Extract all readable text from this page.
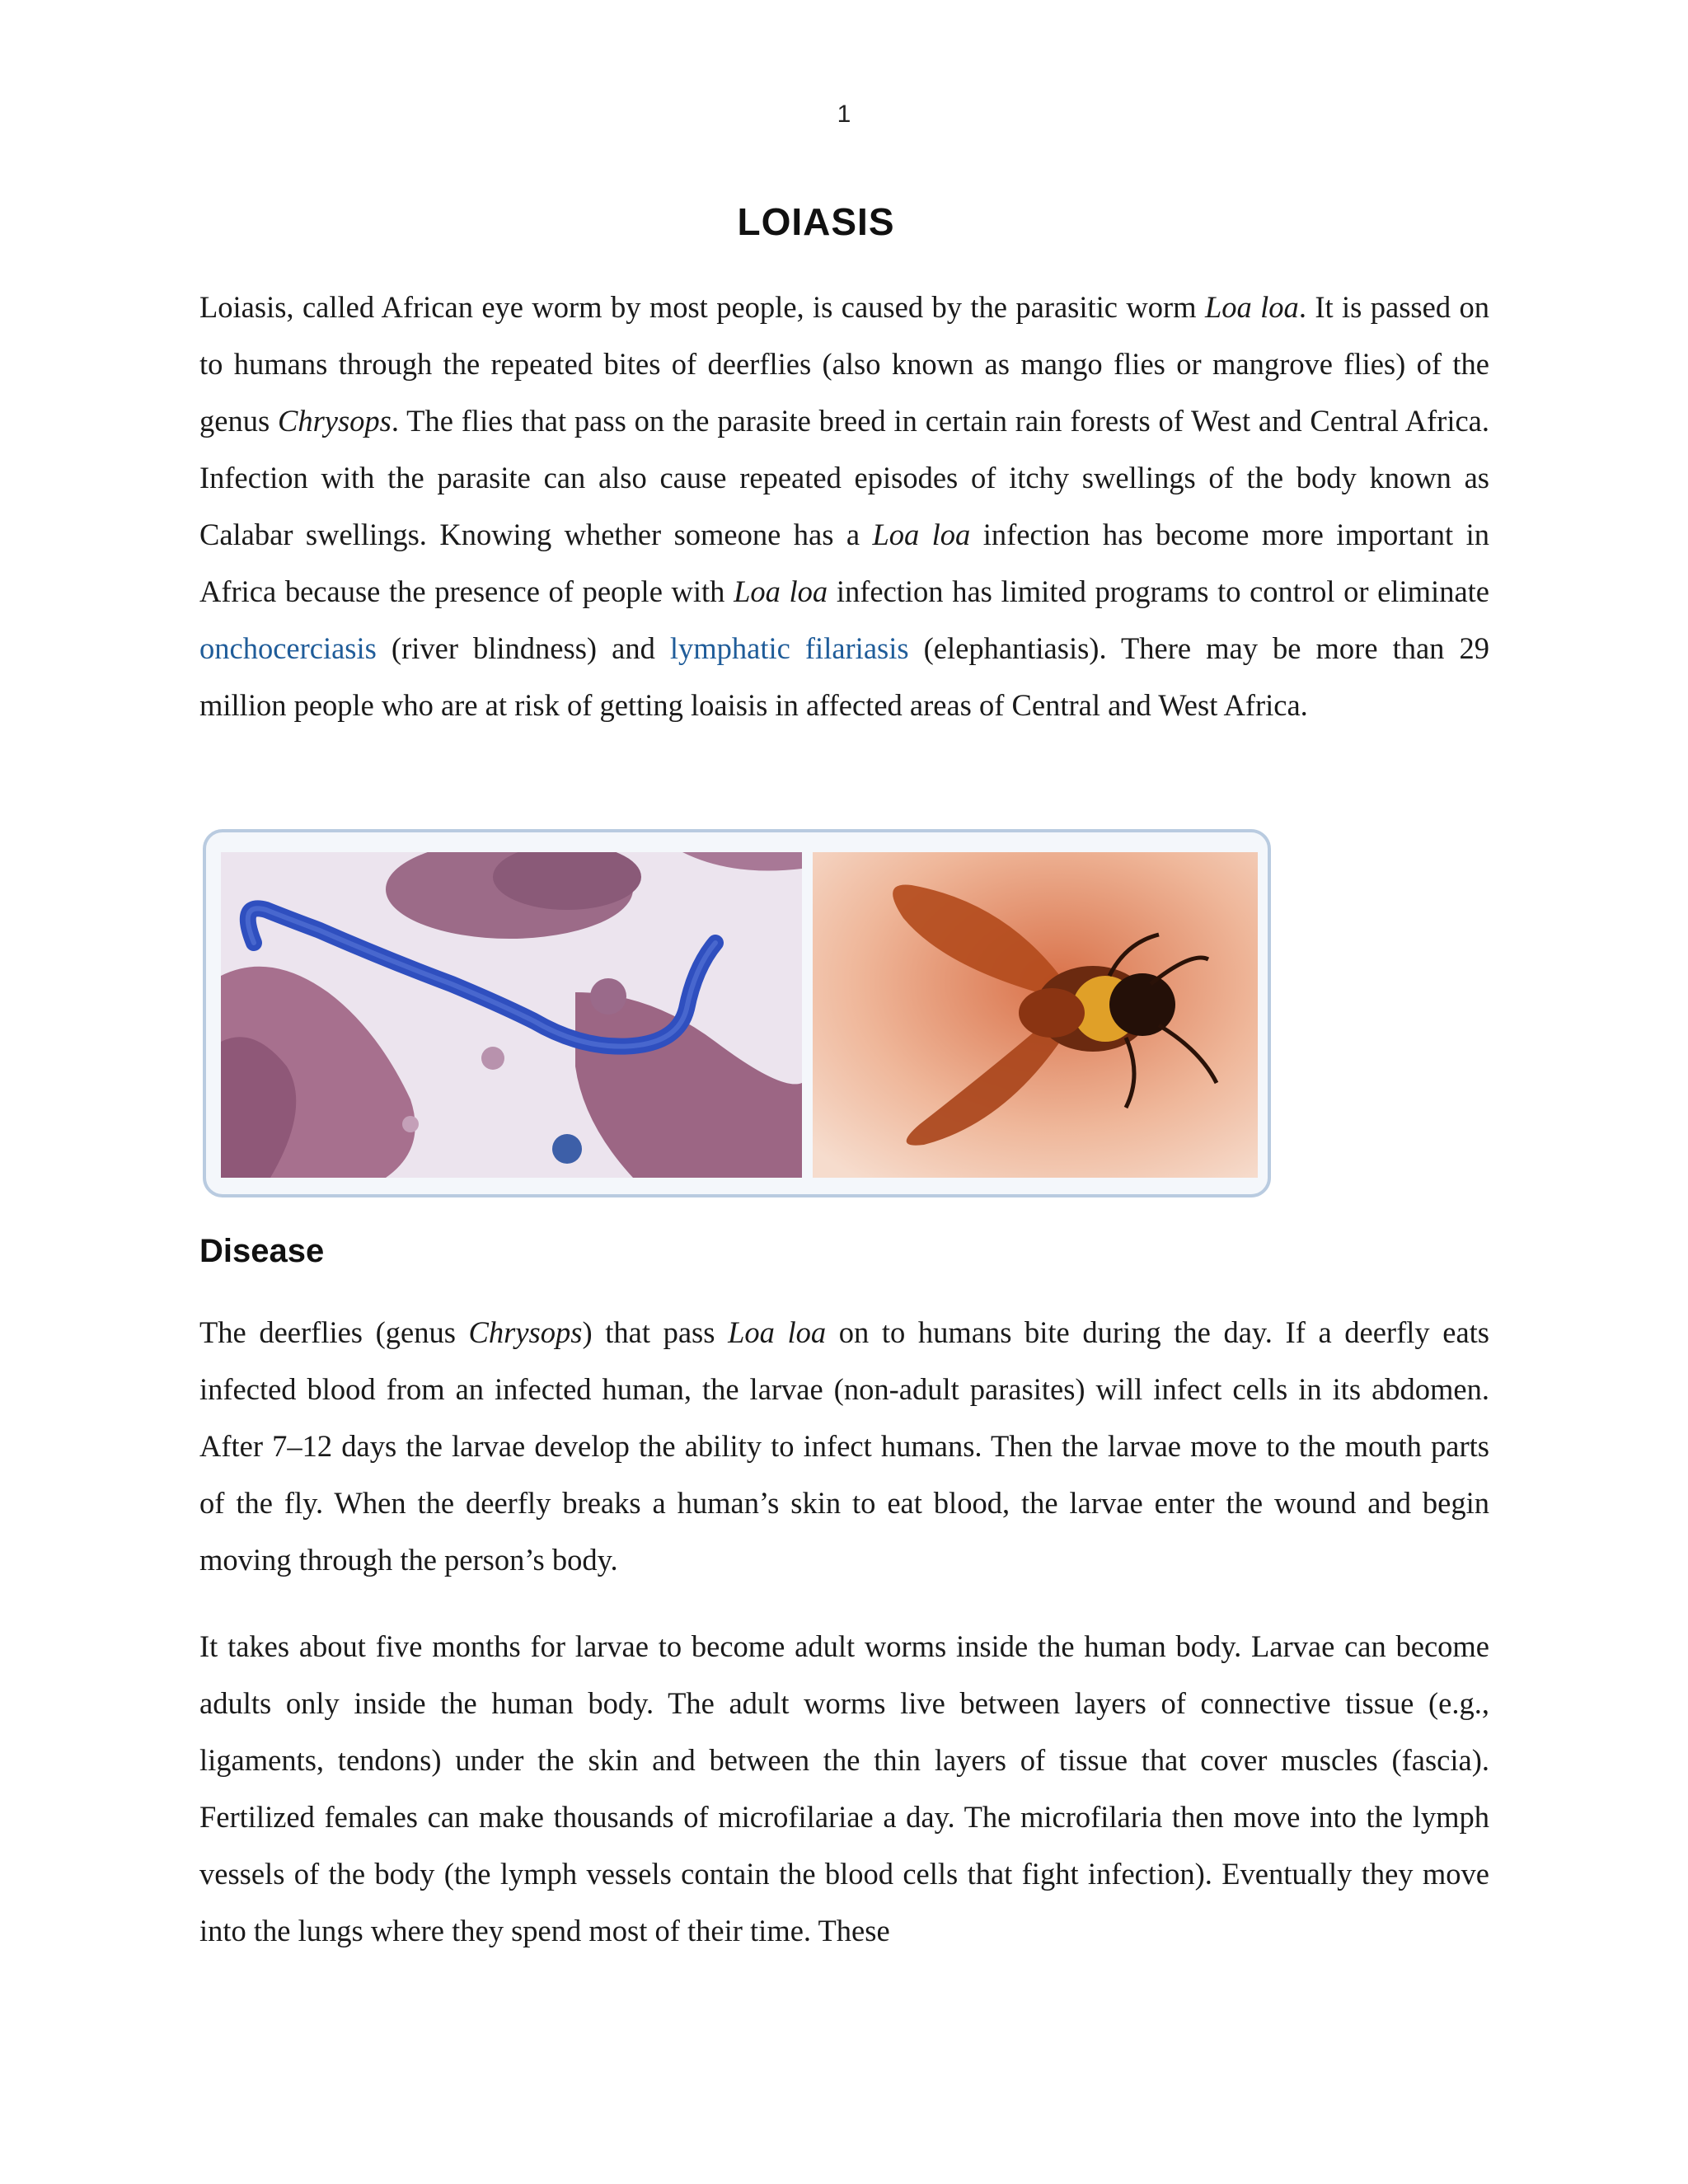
1
LOIASIS

Loiasis, called African eye worm by most people, is caused by the parasitic worm Loa loa. It is passed on to humans through the repeated bites of deerflies (also known as mango flies or mangrove flies) of the genus Chrysops. The flies that pass on the parasite breed in certain rain forests of West and Central Africa. Infection with the parasite can also cause repeated episodes of itchy swellings of the body known as Calabar swellings. Knowing whether someone has a Loa loa infection has become more important in Africa because the presence of people with Loa loa infection has limited programs to control or eliminate onchocerciasis (river blindness) and lymphatic filariasis (elephantiasis). There may be more than 29 million people who are at risk of getting loaisis in affected areas of Central and West Africa.

Disease

The deerflies (genus Chrysops) that pass Loa loa on to humans bite during the day. If a deerfly eats infected blood from an infected human, the larvae (non-adult parasites) will infect cells in its abdomen. After 7–12 days the larvae develop the ability to infect humans. Then the larvae move to the mouth parts of the fly. When the deerfly breaks a human’s skin to eat blood, the larvae enter the wound and begin moving through the person’s body.

It takes about five months for larvae to become adult worms inside the human body. Larvae can become adults only inside the human body. The adult worms live between layers of connective tissue (e.g., ligaments, tendons) under the skin and between the thin layers of tissue that cover muscles (fascia). Fertilized females can make thousands of microfilariae a day. The microfilaria then move into the lymph vessels of the body (the lymph vessels contain the blood cells that fight infection). Eventually they move into the lungs where they spend most of their time. These
